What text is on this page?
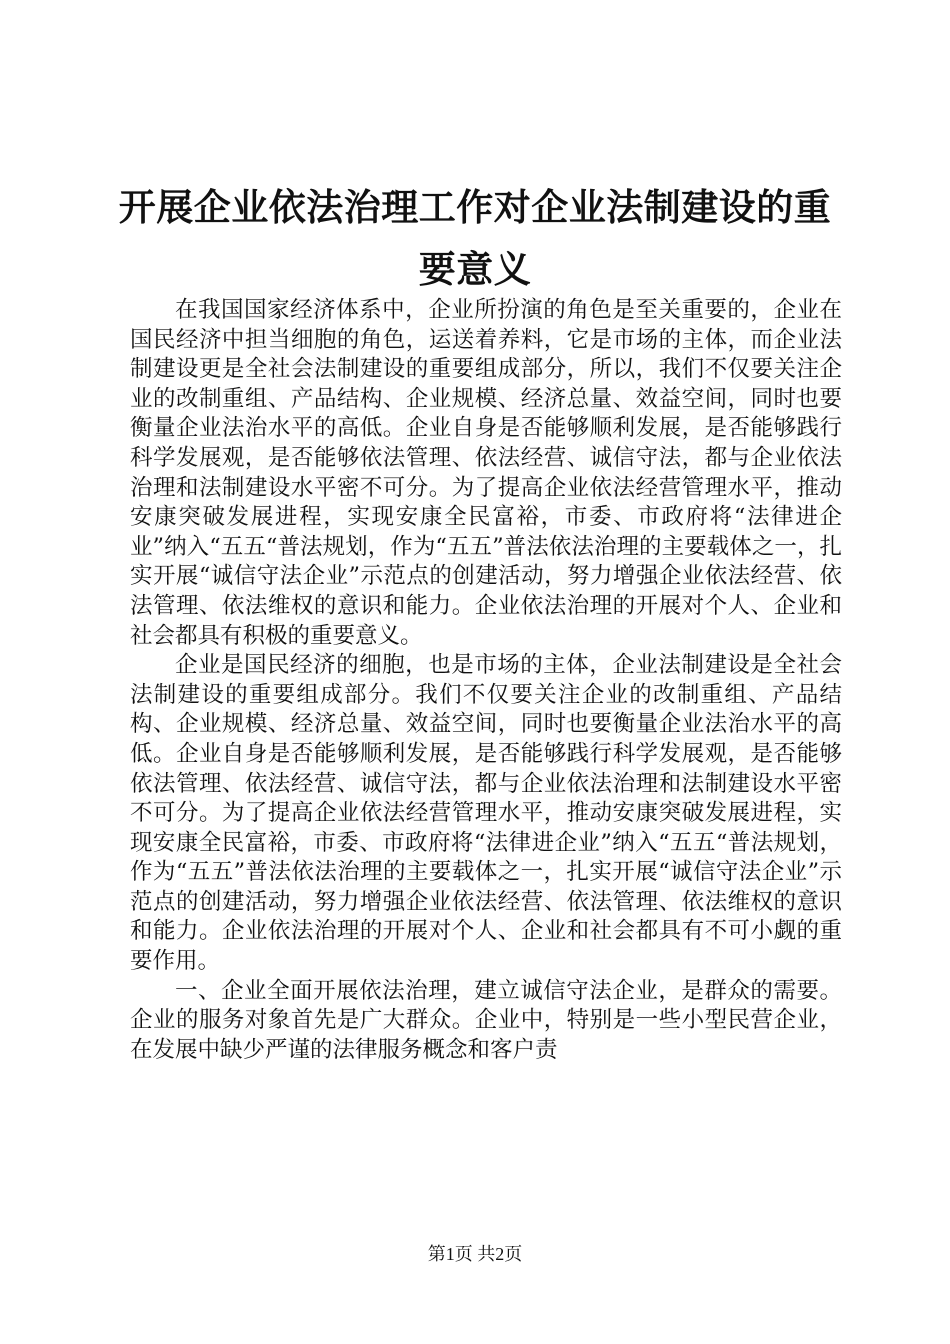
开展企业依法治理工作对企业法制建设的重要意义

在我国国家经济体系中，企业所扮演的角色是至关重要的，企业在国民经济中担当细胞的角色，运送着养料，它是市场的主体，而企业法制建设更是全社会法制建设的重要组成部分，所以，我们不仅要关注企业的改制重组、产品结构、企业规模、经济总量、效益空间，同时也要衡量企业法治水平的高低。企业自身是否能够顺利发展，是否能够践行科学发展观，是否能够依法管理、依法经营、诚信守法，都与企业依法治理和法制建设水平密不可分。为了提高企业依法经营管理水平，推动安康突破发展进程，实现安康全民富裕，市委、市政府将“法律进企业”纳入“五五“普法规划，作为“五五”普法依法治理的主要载体之一，扎实开展“诚信守法企业”示范点的创建活动，努力增强企业依法经营、依法管理、依法维权的意识和能力。企业依法治理的开展对个人、企业和社会都具有积极的重要意义。

企业是国民经济的细胞，也是市场的主体，企业法制建设是全社会法制建设的重要组成部分。我们不仅要关注企业的改制重组、产品结构、企业规模、经济总量、效益空间，同时也要衡量企业法治水平的高低。企业自身是否能够顺利发展，是否能够践行科学发展观，是否能够依法管理、依法经营、诚信守法，都与企业依法治理和法制建设水平密不可分。为了提高企业依法经营管理水平，推动安康突破发展进程，实现安康全民富裕，市委、市政府将“法律进企业”纳入“五五“普法规划，作为“五五”普法依法治理的主要载体之一，扎实开展“诚信守法企业”示范点的创建活动，努力增强企业依法经营、依法管理、依法维权的意识和能力。企业依法治理的开展对个人、企业和社会都具有不可小觑的重要作用。

一、企业全面开展依法治理，建立诚信守法企业，是群众的需要。企业的服务对象首先是广大群众。企业中，特别是一些小型民营企业，在发展中缺少严谨的法律服务概念和客户责

第1页 共2页
